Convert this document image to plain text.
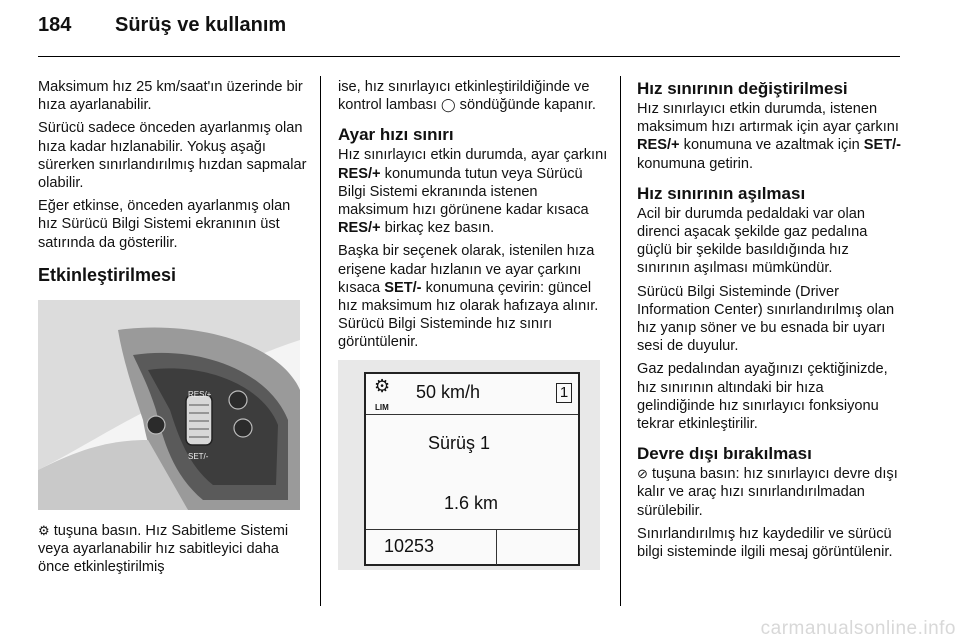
184 Sürüş ve kullanım

Maksimum hız 25 km/saat'ın üzerinde bir hıza ayarlanabilir.

Sürücü sadece önceden ayarlanmış olan hıza kadar hızlanabilir. Yokuş aşağı sürerken sınırlandırılmış hızdan sapmalar olabilir.

Eğer etkinse, önceden ayarlanmış olan hız Sürücü Bilgi Sistemi ekranının üst satırında da gösterilir.

Etkinleştirilmesi
RES/+
SET/-

⚙ tuşuna basın. Hız Sabitleme Sistemi veya ayarlanabilir hız sabitleyici daha önce etkinleştirilmiş

ise, hız sınırlayıcı etkinleştirildiğinde ve kontrol lambası ◯ söndüğünde kapanır.

Ayar hızı sınırı

Hız sınırlayıcı etkin durumda, ayar çarkını RES/+ konumunda tutun veya Sürücü Bilgi Sistemi ekranında istenen maksimum hızı görünene kadar kısaca RES/+ birkaç kez basın.

Başka bir seçenek olarak, istenilen hıza erişene kadar hızlanın ve ayar çarkını kısaca SET/- konumuna çevirin: güncel hız maksimum hız olarak hafızaya alınır. Sürücü Bilgi Sisteminde hız sınırı görüntülenir.

⚙
LIM
50 km/h	1
Sürüş 1
1.6 km
10253
Hız sınırının değiştirilmesi

Hız sınırlayıcı etkin durumda, istenen maksimum hızı artırmak için ayar çarkını RES/+ konumuna ve azaltmak için SET/- konumuna getirin.

Hız sınırının aşılması

Acil bir durumda pedaldaki var olan direnci aşacak şekilde gaz pedalına güçlü bir şekilde basıldığında hız sınırının aşılması mümkündür.

Sürücü Bilgi Sisteminde (Driver Information Center) sınırlandırılmış olan hız yanıp söner ve bu esnada bir uyarı sesi de duyulur.

Gaz pedalından ayağınızı çektiğinizde, hız sınırının altındaki bir hıza gelindiğinde hız sınırlayıcı fonksiyonu tekrar etkinleştirilir.

Devre dışı bırakılması

⊘ tuşuna basın: hız sınırlayıcı devre dışı kalır ve araç hızı sınırlandırılmadan sürülebilir.

Sınırlandırılmış hız kaydedilir ve sürücü bilgi sisteminde ilgili mesaj görüntülenir.

carmanualsonline.info
